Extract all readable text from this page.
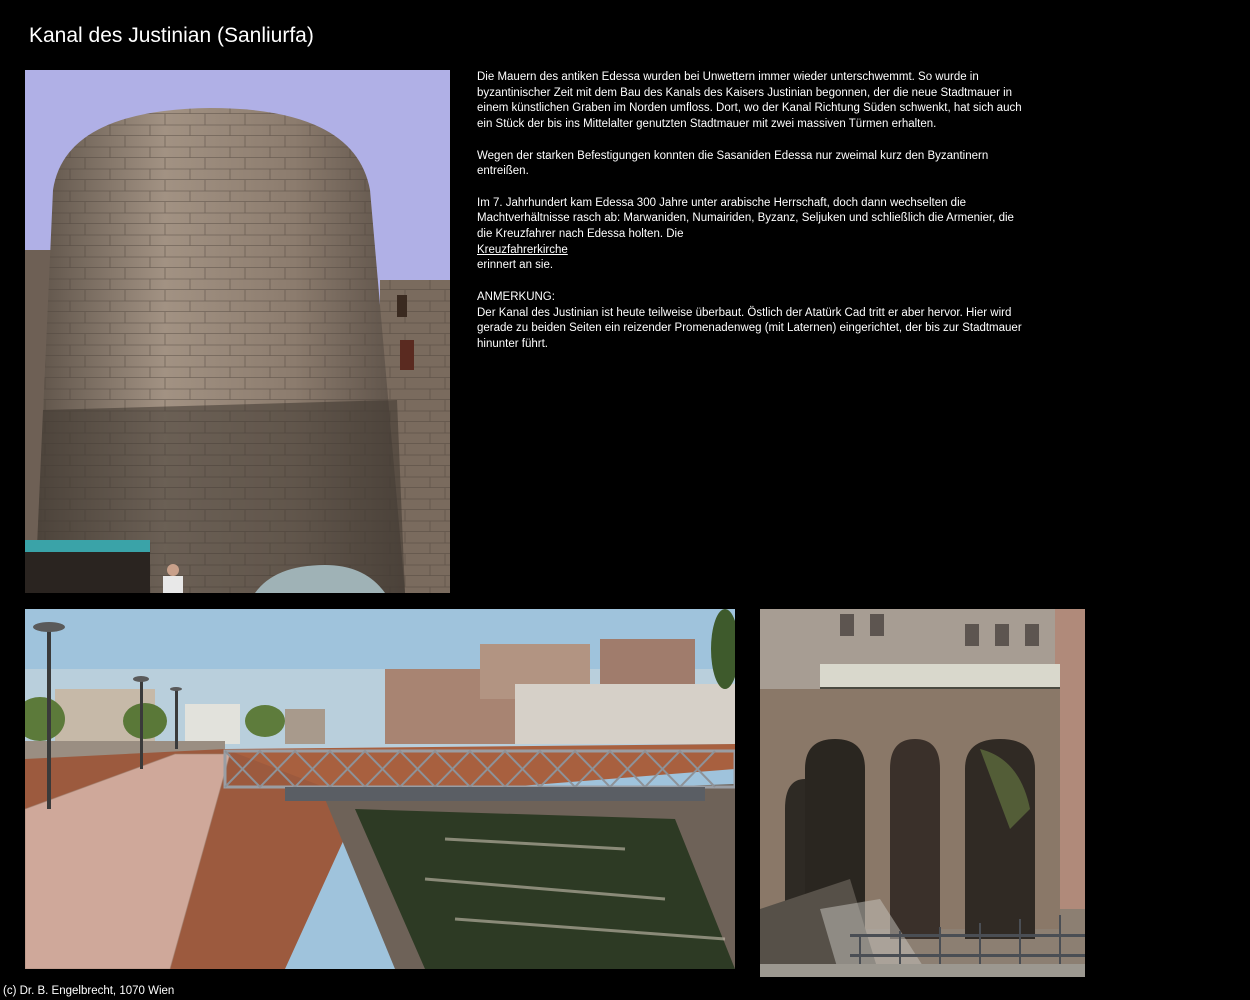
Kanal des Justinian (Sanliurfa)

Die Mauern des antiken Edessa wurden bei Unwettern immer wieder unterschwemmt. So wurde in byzantinischer Zeit mit dem Bau des Kanals des Kaisers Justinian begonnen, der die neue Stadtmauer in einem künstlichen Graben im Norden umfloss. Dort, wo der Kanal Richtung Süden schwenkt, hat sich auch ein Stück der bis ins Mittelalter genutzten Stadtmauer mit zwei massiven Türmen erhalten.

Wegen der starken Befestigungen konnten die Sasaniden Edessa nur zweimal kurz den Byzantinern entreißen.

Im 7. Jahrhundert kam Edessa 300 Jahre unter arabische Herrschaft, doch dann wechselten die Machtverhältnisse rasch ab: Marwaniden, Numairiden, Byzanz, Seljuken und schließlich die Armenier, die die Kreuzfahrer nach Edessa holten. Die
Kreuzfahrerkirche
erinnert an sie.

ANMERKUNG:
Der Kanal des Justinian ist heute teilweise überbaut. Östlich der Atatürk Cad tritt er aber hervor. Hier wird gerade zu beiden Seiten ein reizender Promenadenweg (mit Laternen) eingerichtet, der bis zur Stadtmauer hinunter führt.
(c) Dr. B. Engelbrecht, 1070 Wien
